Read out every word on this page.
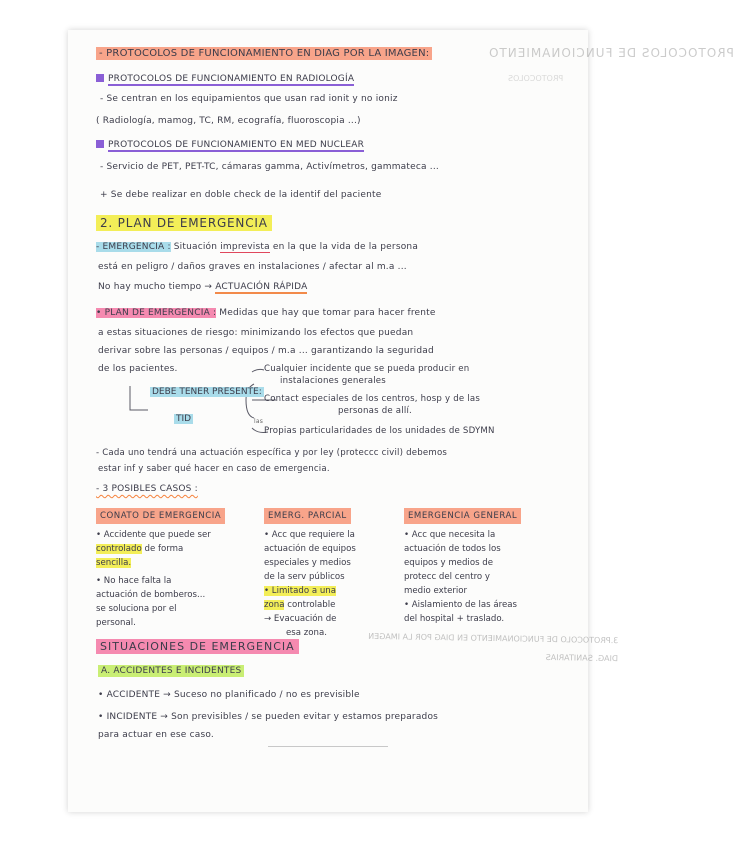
PROTOCOLOS DE FUNCIONAMIENTO
PROTOCOLOS
3.PROTOCOLO DE FUNCIONAMIENTO EN DIAG POR LA IMAGEN
DIAG. SANITARIAS
- PROTOCOLOS DE FUNCIONAMIENTO EN DIAG POR LA IMAGEN:
PROTOCOLOS DE FUNCIONAMIENTO EN RADIOLOGÍA
- Se centran en los equipamientos que usan rad ionit y no ioniz
( Radiología, mamog, TC, RM, ecografía, fluoroscopia ...)
PROTOCOLOS DE FUNCIONAMIENTO EN MED NUCLEAR
- Servicio de PET, PET-TC, cámaras gamma, Activímetros, gammateca ...
+ Se debe realizar en doble check de la identif del paciente
2. PLAN DE EMERGENCIA
- EMERGENCIA : Situación imprevista en la que la vida de la persona
está en peligro / daños graves en instalaciones / afectar al m.a ...
No hay mucho tiempo → ACTUACIÓN RÁPIDA
• PLAN DE EMERGENCIA : Medidas que hay que tomar para hacer frente
a estas situaciones de riesgo: minimizando los efectos que puedan
derivar sobre las personas / equipos / m.a ... garantizando la seguridad
de los pacientes.
DEBE TENER PRESENTE:
TID
Cualquier incidente que se pueda producir en
instalaciones generales
Contact especiales de los centros, hosp y de las
personas de allí.
las
Propias particularidades de los unidades de SDYMN
- Cada uno tendrá una actuación específica y por ley (proteccc civil) debemos
estar inf y saber qué hacer en caso de emergencia.
- 3 POSIBLES CASOS :
CONATO DE EMERGENCIA
• Accidente que puede ser
controlado de forma
sencilla.
• No hace falta la
actuación de bomberos...
se soluciona por el
personal.
EMERG. PARCIAL
• Acc que requiere la
actuación de equipos
especiales y medios
de la serv públicos
• Limitado a una
zona controlable
→ Evacuación de
esa zona.
EMERGENCIA GENERAL
• Acc que necesita la
actuación de todos los
equipos y medios de
protecc del centro y
medio exterior
• Aislamiento de las áreas
del hospital + traslado.
SITUACIONES DE EMERGENCIA
A. ACCIDENTES E INCIDENTES
• ACCIDENTE → Suceso no planificado / no es previsible
• INCIDENTE → Son previsibles / se pueden evitar y estamos preparados
para actuar en ese caso.
